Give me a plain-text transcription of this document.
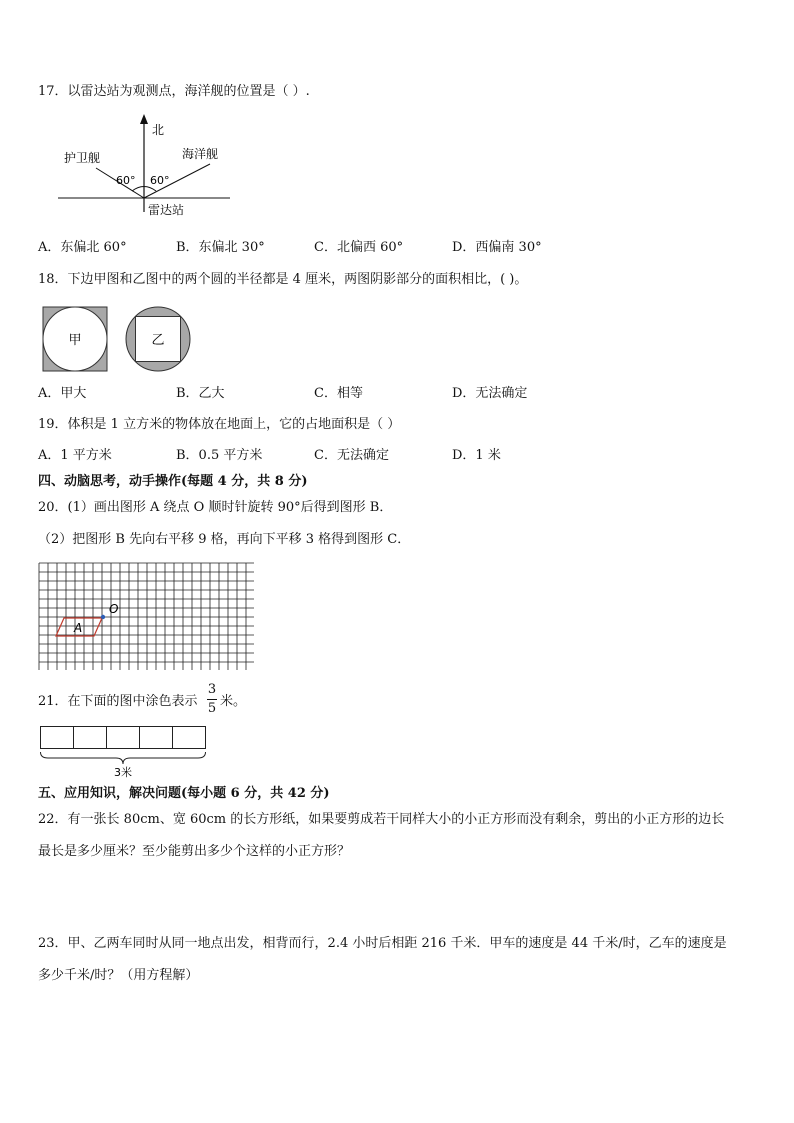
17．以雷达站为观测点，海洋舰的位置是（ ）.
北
护卫舰	海洋舰
60° 60°
雷达站
A．东偏北 60°	B．东偏北 30°	C．北偏西 60°	D．西偏南 30°
18．下边甲图和乙图中的两个圆的半径都是 4 厘米，两图阴影部分的面积相比，( )。
甲	乙
A．甲大	B．乙大	C．相等	D．无法确定
19．体积是 1 立方米的物体放在地面上，它的占地面积是（ ）
A．1 平方米	B．0.5 平方米	C．无法确定	D．1 米
四、动脑思考，动手操作(每题 4 分，共 8 分)
20．(1）画出图形 A 绕点 O 顺时针旋转 90°后得到图形 B．
（2）把图形 B 先向右平移 9 格，再向下平移 3 格得到图形 C．
A
O
21．在下面的图中涂色表示
3
5 米。
3米
五、应用知识，解决问题(每小题 6 分，共 42 分)
22．有一张长 80cm、宽 60cm 的长方形纸，如果要剪成若干同样大小的小正方形而没有剩余，剪出的小正方形的边长
最长是多少厘米？至少能剪出多少个这样的小正方形？
23．甲、乙两车同时从同一地点出发，相背而行，2.4 小时后相距 216 千米．甲车的速度是 44 千米/时，乙车的速度是
多少千米/时？（用方程解）
